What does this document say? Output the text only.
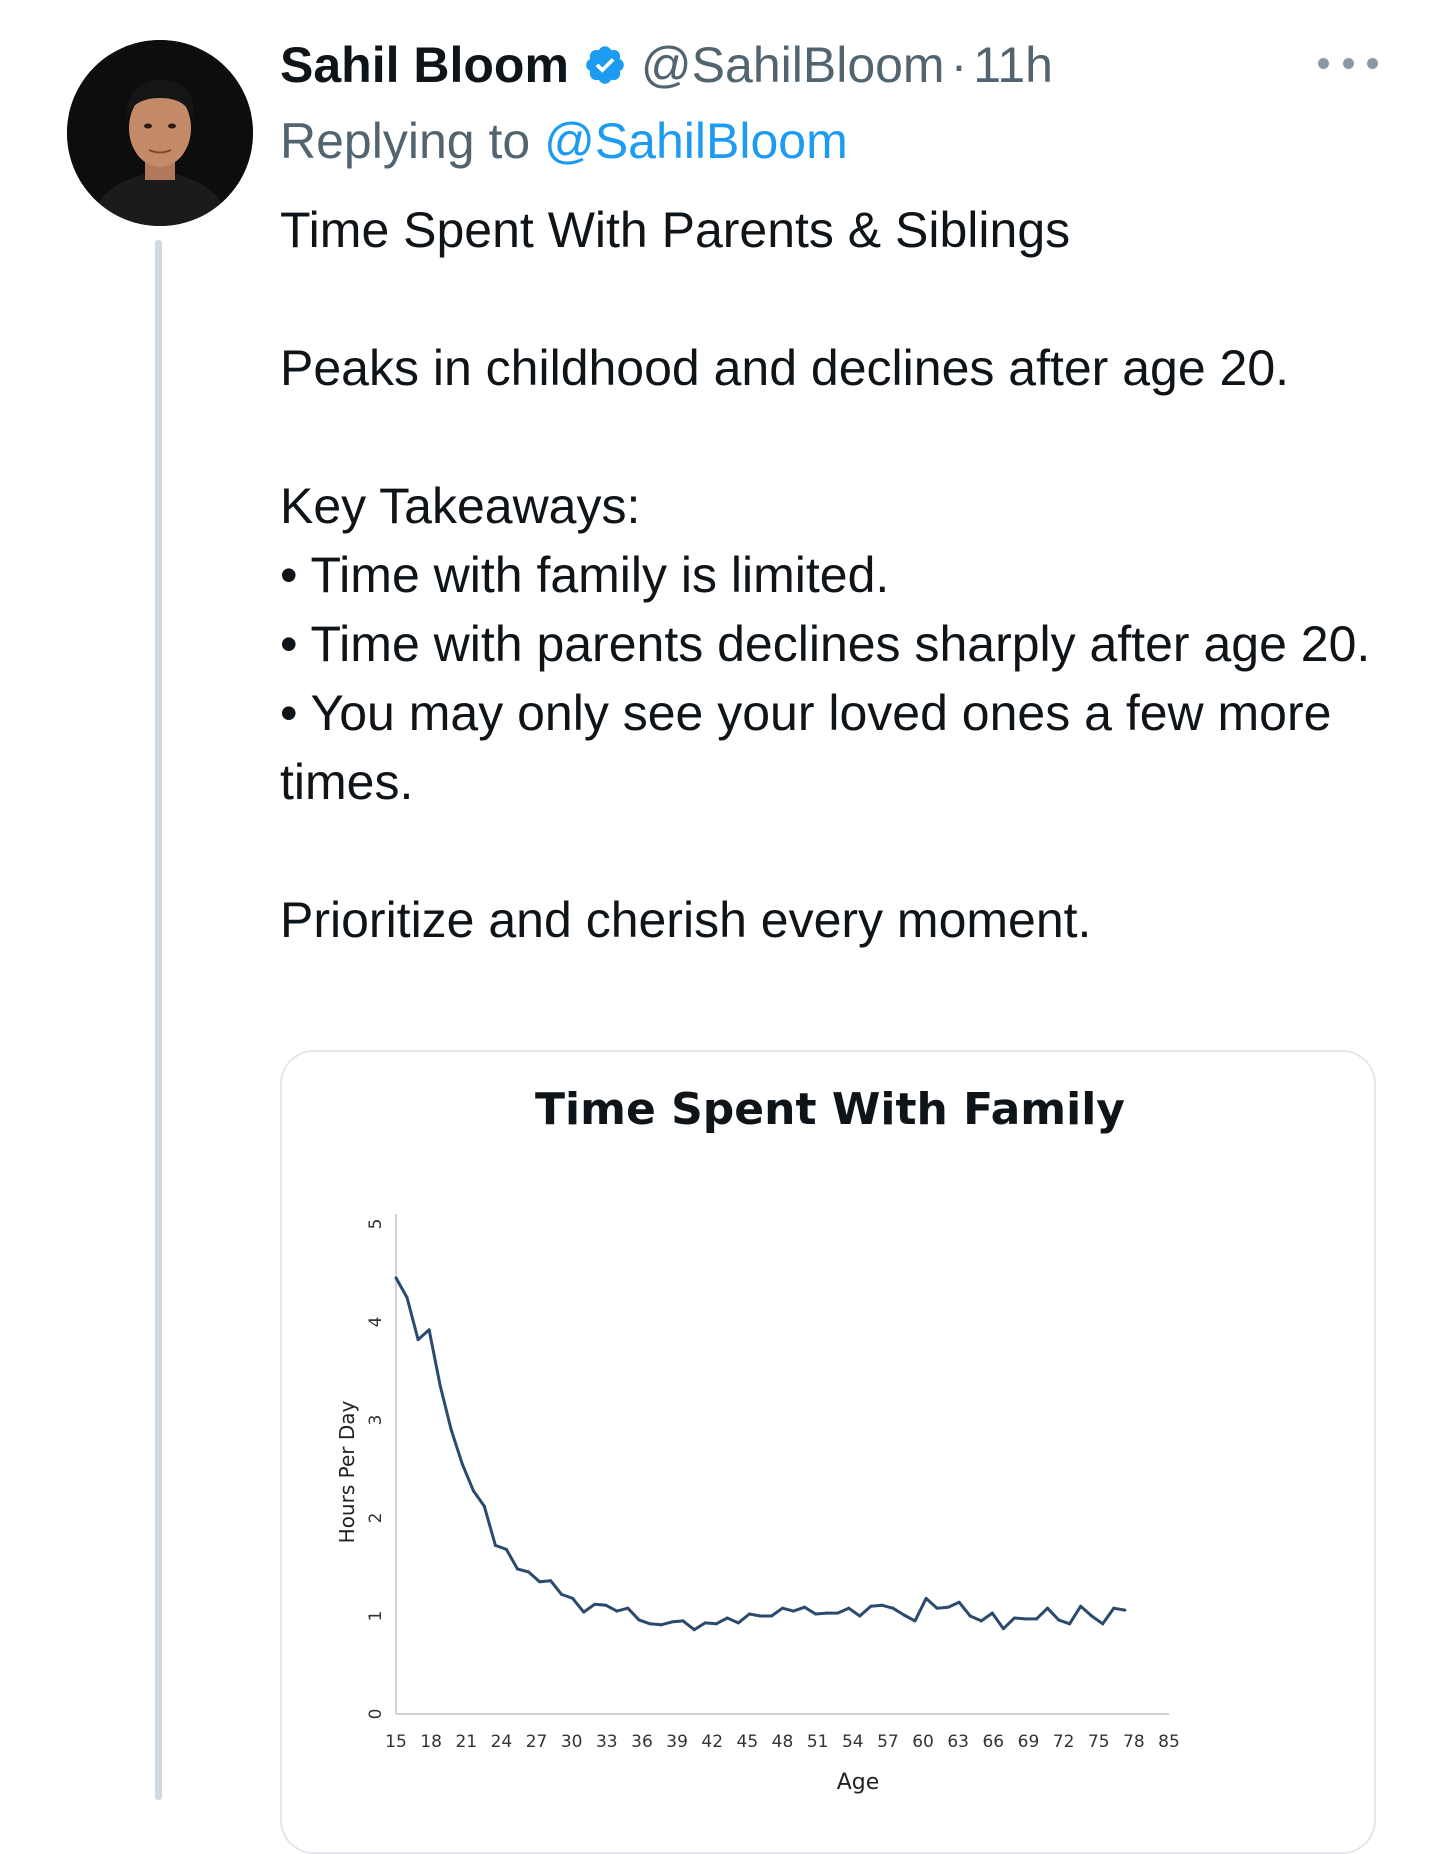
Sahil Bloom @SahilBloom · 11h
Replying to @SahilBloom

Time Spent With Parents & Siblings

Peaks in childhood and declines after age 20.

Key Takeaways:

• Time with family is limited.

• Time with parents declines sharply after age 20.

• You may only see your loved ones a few more times.

Prioritize and cherish every moment.

Time Spent With Family
0
1
2
3
4
5
15 18 21 24 27 30 33 36 39 42 45 48 51 54 57 60 63 66 69 72 75 78 85
Hours Per Day
Age
